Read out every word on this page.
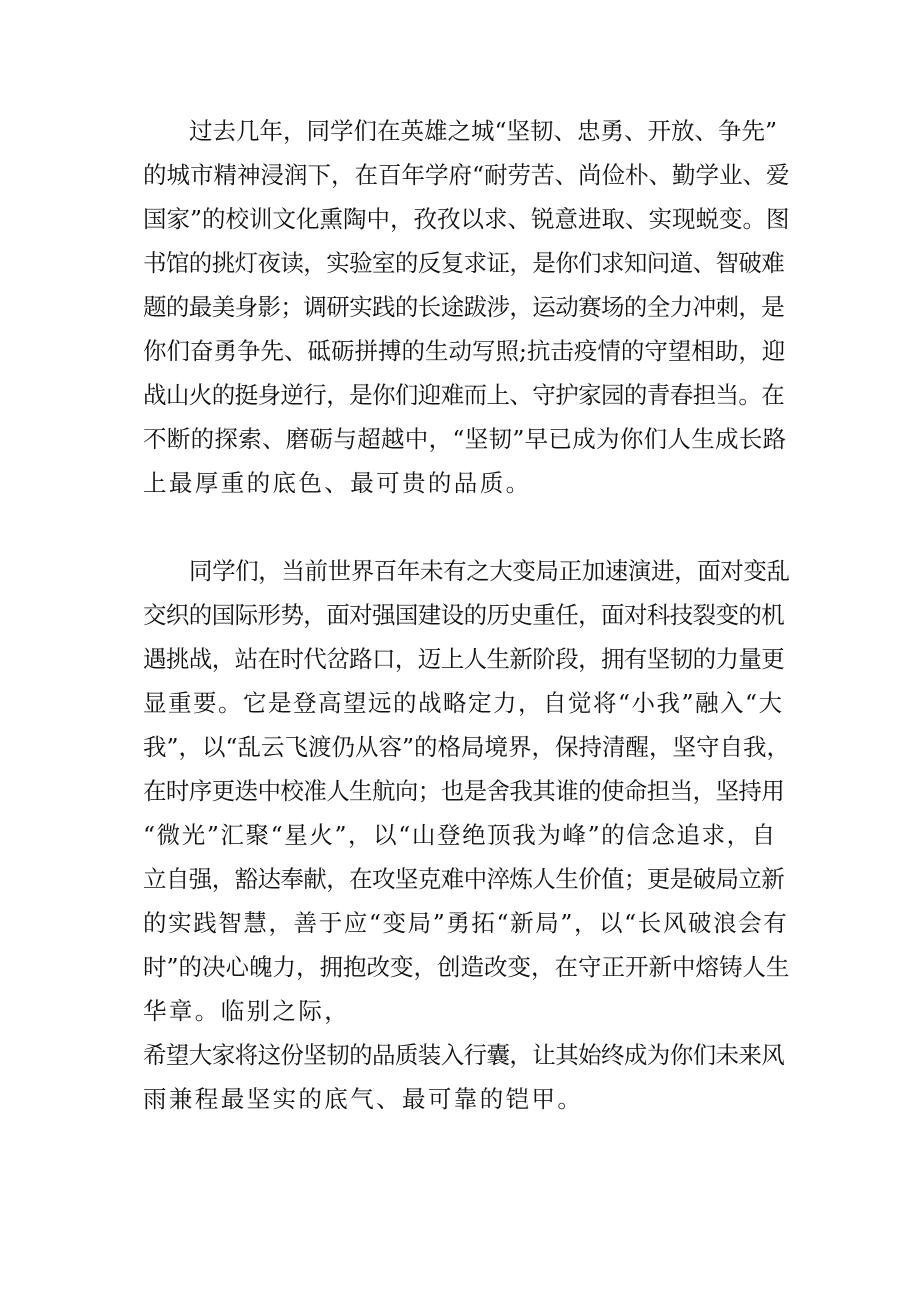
过去几年，同学们在英雄之城“坚韧、忠勇、开放、争先”
的城市精神浸润下，在百年学府“耐劳苦、尚俭朴、勤学业、爱
国家”的校训文化熏陶中，孜孜以求、锐意进取、实现蜕变。图
书馆的挑灯夜读，实验室的反复求证，是你们求知问道、智破难
题的最美身影；调研实践的长途跋涉，运动赛场的全力冲刺，是
你们奋勇争先、砥砺拼搏的生动写照;抗击疫情的守望相助，迎
战山火的挺身逆行，是你们迎难而上、守护家园的青春担当。在
不断的探索、磨砺与超越中，“坚韧”早已成为你们人生成长路
上最厚重的底色、最可贵的品质。
同学们，当前世界百年未有之大变局正加速演进，面对变乱
交织的国际形势，面对强国建设的历史重任，面对科技裂变的机
遇挑战，站在时代岔路口，迈上人生新阶段，拥有坚韧的力量更
显重要。它是登高望远的战略定力，自觉将“小我”融入“大
我”，以“乱云飞渡仍从容”的格局境界，保持清醒，坚守自我，
在时序更迭中校准人生航向；也是舍我其谁的使命担当，坚持用
“微光”汇聚“星火”，以“山登绝顶我为峰”的信念追求，自
立自强，豁达奉献，在攻坚克难中淬炼人生价值；更是破局立新
的实践智慧，善于应“变局”勇拓“新局”，以“长风破浪会有
时”的决心魄力，拥抱改变，创造改变，在守正开新中熔铸人生
华章。临别之际，
希望大家将这份坚韧的品质装入行囊，让其始终成为你们未来风
雨兼程最坚实的底气、最可靠的铠甲。
